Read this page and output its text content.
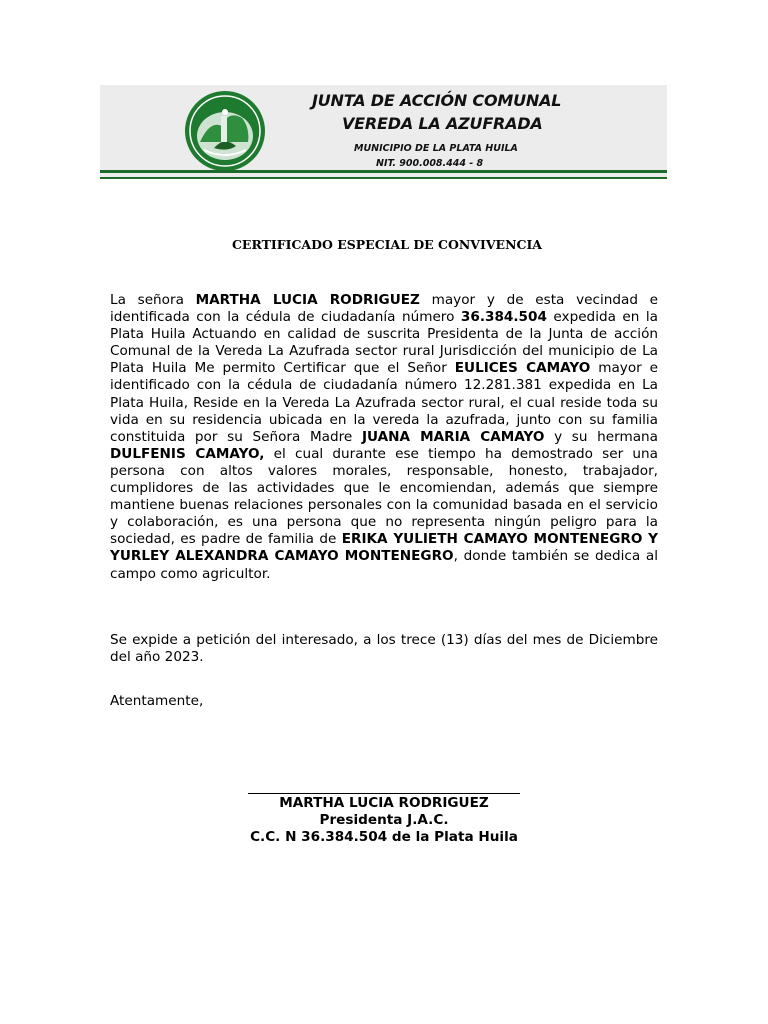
JUNTA DE ACCIÓN COMUNAL
VEREDA LA AZUFRADA
MUNICIPIO DE LA PLATA HUILA
NIT. 900.008.444 - 8
CERTIFICADO ESPECIAL DE CONVIVENCIA

La señora MARTHA LUCIA RODRIGUEZ mayor y de esta vecindad e identificada con la cédula de ciudadanía número 36.384.504 expedida en la Plata Huila Actuando en calidad de suscrita Presidenta de la Junta de acción Comunal de la Vereda La Azufrada sector rural Jurisdicción del municipio de La Plata Huila Me permito Certificar que el Señor EULICES CAMAYO mayor e identificado con la cédula de ciudadanía número 12.281.381 expedida en La Plata Huila, Reside en la Vereda La Azufrada sector rural, el cual reside toda su vida en su residencia ubicada en la vereda la azufrada, junto con su familia constituida por su Señora Madre JUANA MARIA CAMAYO y su hermana DULFENIS CAMAYO, el cual durante ese tiempo ha demostrado ser una persona con altos valores morales, responsable, honesto, trabajador, cumplidores de las actividades que le encomiendan, además que siempre mantiene buenas relaciones personales con la comunidad basada en el servicio y colaboración, es una persona que no representa ningún peligro para la sociedad, es padre de familia de ERIKA YULIETH CAMAYO MONTENEGRO Y YURLEY ALEXANDRA CAMAYO MONTENEGRO, donde también se dedica al campo como agricultor.

Se expide a petición del interesado, a los trece (13) días del mes de Diciembre del año 2023.

Atentamente,

MARTHA LUCIA RODRIGUEZ
Presidenta J.A.C.
C.C. N 36.384.504 de la Plata Huila
